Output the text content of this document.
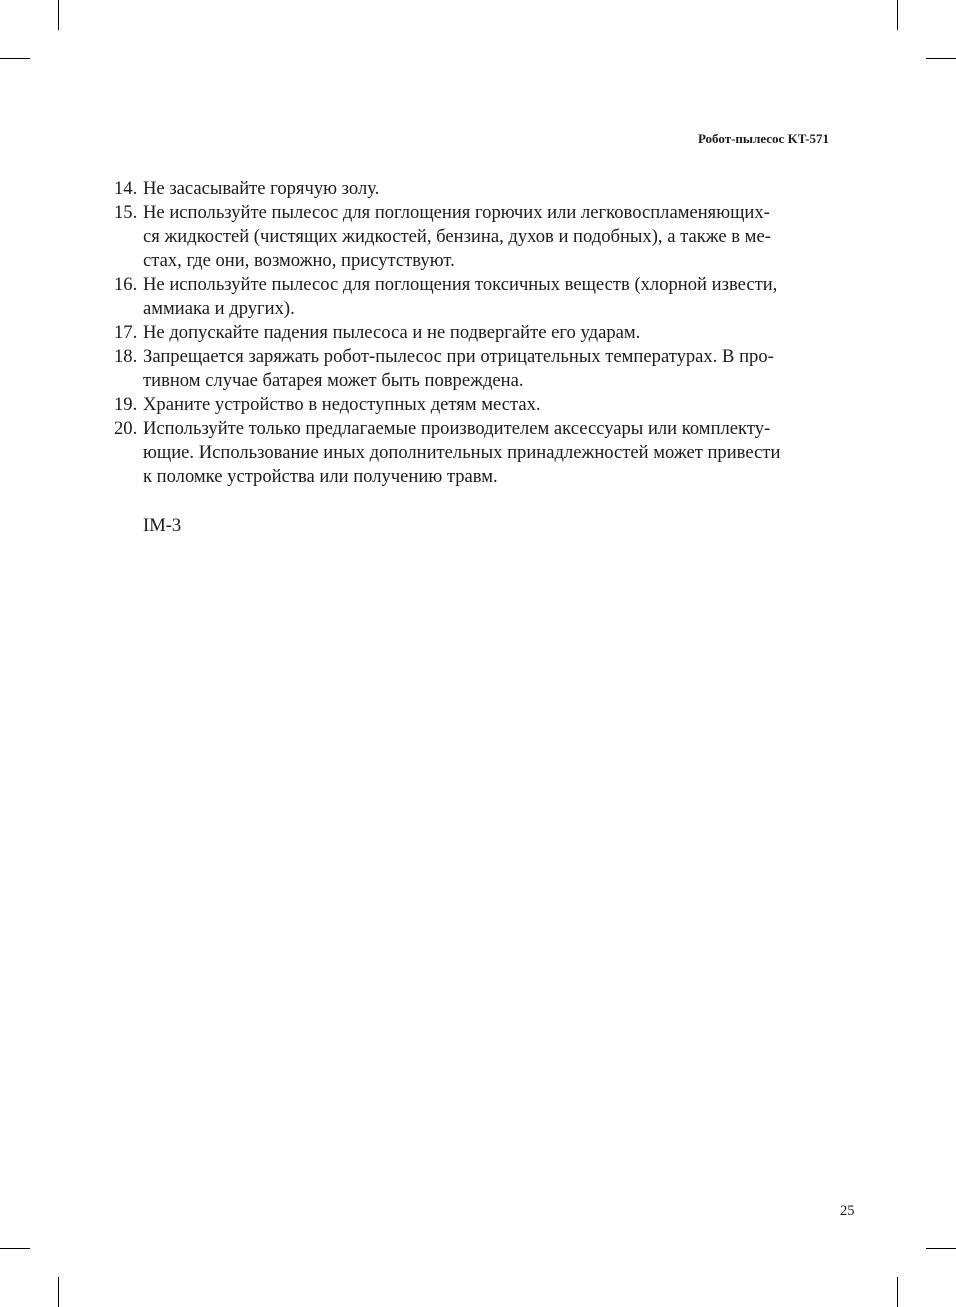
Робот-пылесос KT-571
14. Не засасывайте горячую золу.
15. Не используйте пылесос для поглощения горючих или легковоспламеняющих-
ся жидкостей (чистящих жидкостей, бензина, духов и подобных), а также в ме-
стах, где они, возможно, присутствуют.
16. Не используйте пылесос для поглощения токсичных веществ (хлорной извести,
аммиака и других).
17. Не допускайте падения пылесоса и не подвергайте его ударам.
18. Запрещается заряжать робот-пылесос при отрицательных температурах. В про-
тивном случае батарея может быть повреждена.
19. Храните устройство в недоступных детям местах.
20. Используйте только предлагаемые производителем аксессуары или комплекту-
ющие. Использование иных дополнительных принадлежностей может привести
к поломке устройства или получению травм.
IM-3
25
